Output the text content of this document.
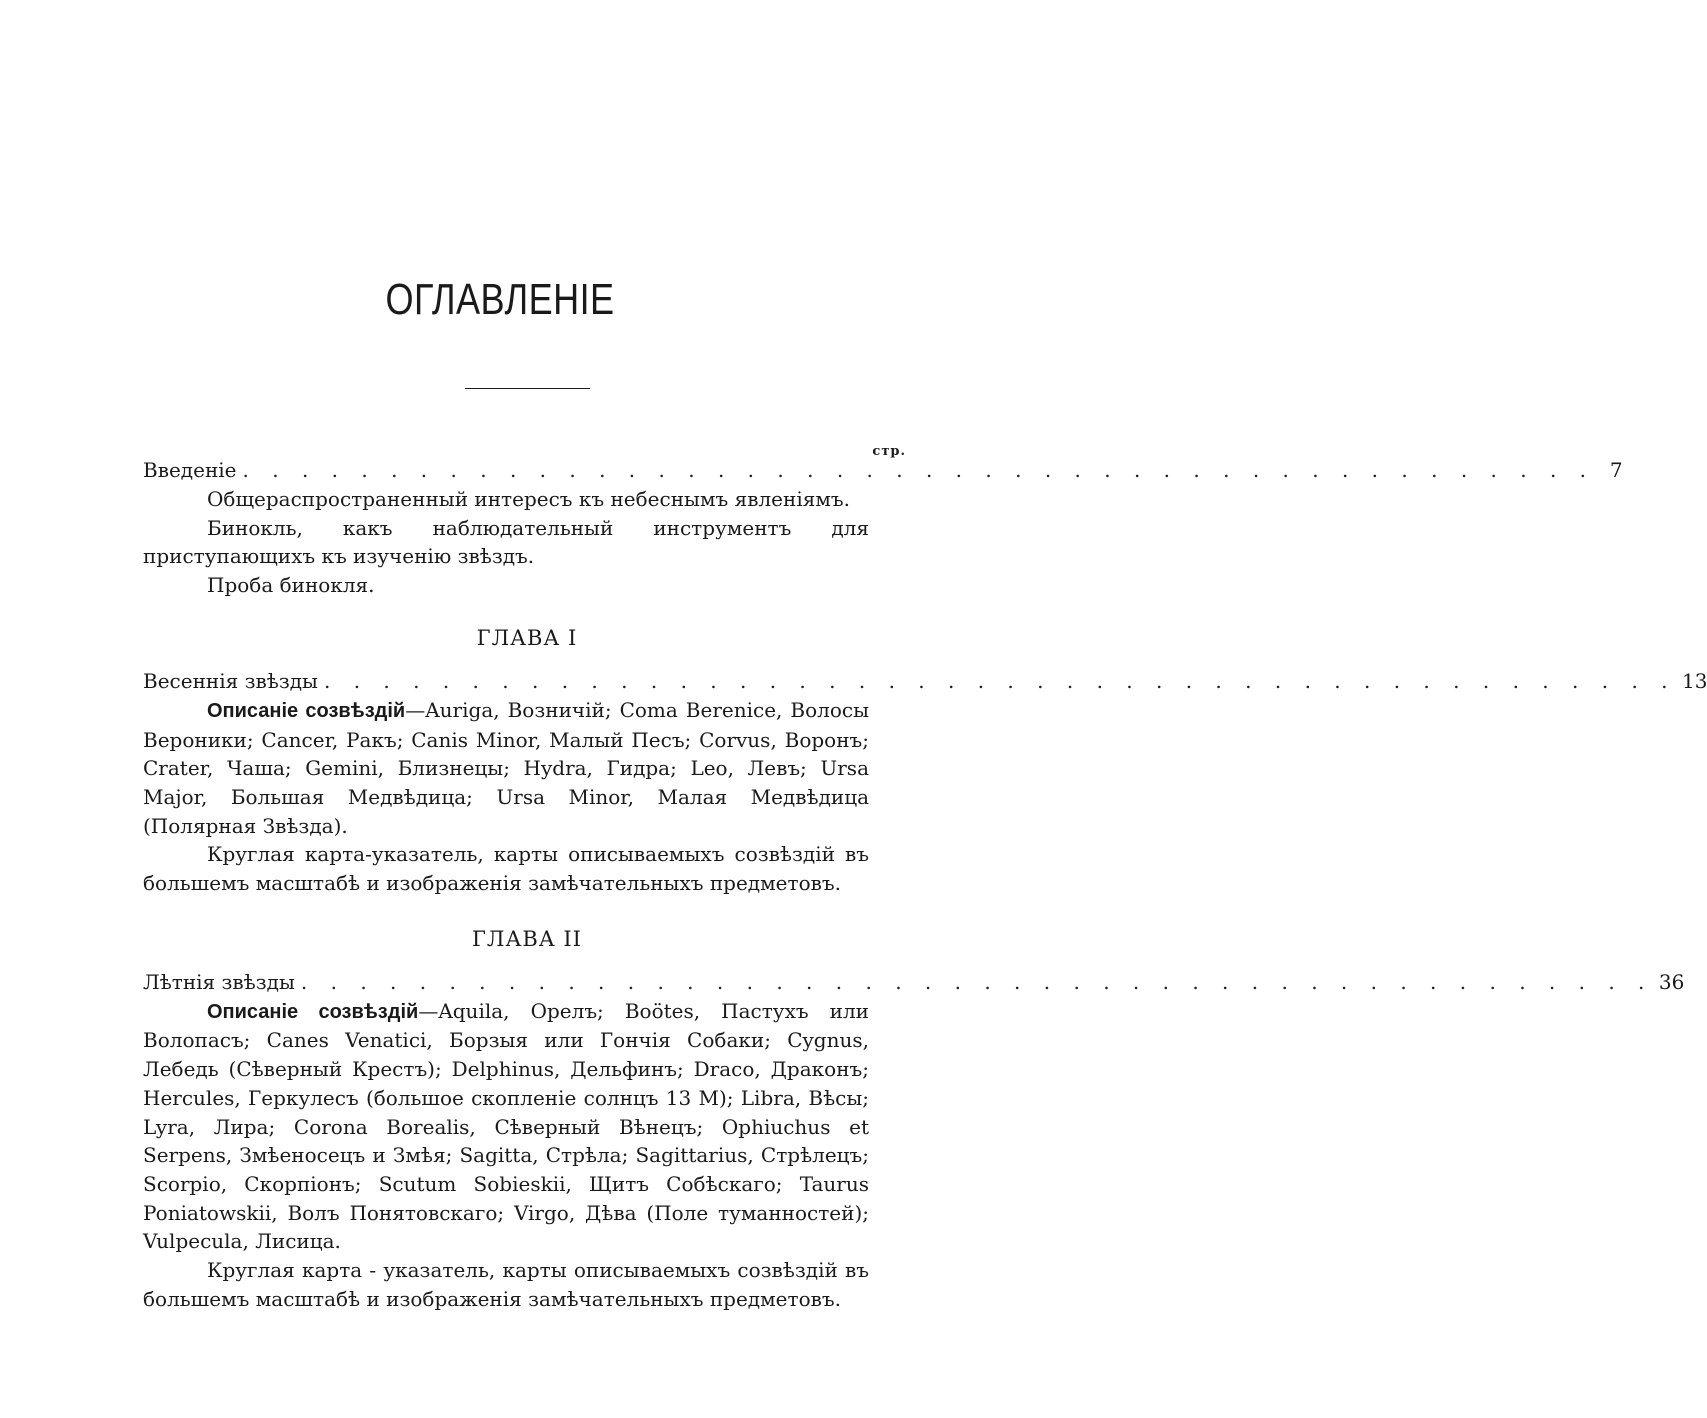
ОГЛАВЛЕНІЕ
стр.
Введеніе . . . . . . . . . . . . . . . . . . . . . . . . . . . . . . . . . . . . . . . . . . . . . . 7

Общераспространенный интересъ къ небеснымъ явленіямъ.

Бинокль, какъ наблюдательный инструментъ для приступающихъ къ изученію звѣздъ.

Проба бинокля.

ГЛАВА I
Весеннія звѣзды . . . . . . . . . . . . . . . . . . . . . . . . . . . . . . . . . . . . . . . . . . . . . . 13

Описаніе созвѣздій—Auriga, Возничій; Coma Berenice, Волосы Вероники; Cancer, Ракъ; Canis Minor, Малый Песъ; Corvus, Воронъ; Crater, Чаша; Gemini, Близнецы; Hydra, Гидра; Leo, Левъ; Ursa Major, Большая Медвѣдица; Ursa Minor, Малая Медвѣдица (Полярная Звѣзда).

Круглая карта-указатель, карты описываемыхъ созвѣздій въ большемъ масштабѣ и изображенія замѣчательныхъ предметовъ.

ГЛАВА II
Лѣтнія звѣзды . . . . . . . . . . . . . . . . . . . . . . . . . . . . . . . . . . . . . . . . . . . . . . 36

Описаніе созвѣздій—Aquila, Орелъ; Boötes, Пастухъ или Волопасъ; Canes Venatici, Борзыя или Гончія Собаки; Cygnus, Лебедь (Сѣверный Крестъ); Delphinus, Дельфинъ; Draco, Драконъ; Hercules, Геркулесъ (большое скопленіе солнцъ 13 M); Libra, Вѣсы; Lyra, Лира; Corona Borealis, Сѣверный Вѣнецъ; Ophiuchus et Serpens, Змѣеносецъ и Змѣя; Sagitta, Стрѣла; Sagittarius, Стрѣлецъ; Scorpio, Скорпіонъ; Scutum Sobieskii, Щитъ Собѣскаго; Taurus Poniatowskii, Волъ Понятовскаго; Virgo, Дѣва (Поле туманностей); Vulpecula, Лисица.

Круглая карта - указатель, карты описываемыхъ созвѣздій въ большемъ масштабѣ и изображенія замѣчательныхъ предметовъ.
